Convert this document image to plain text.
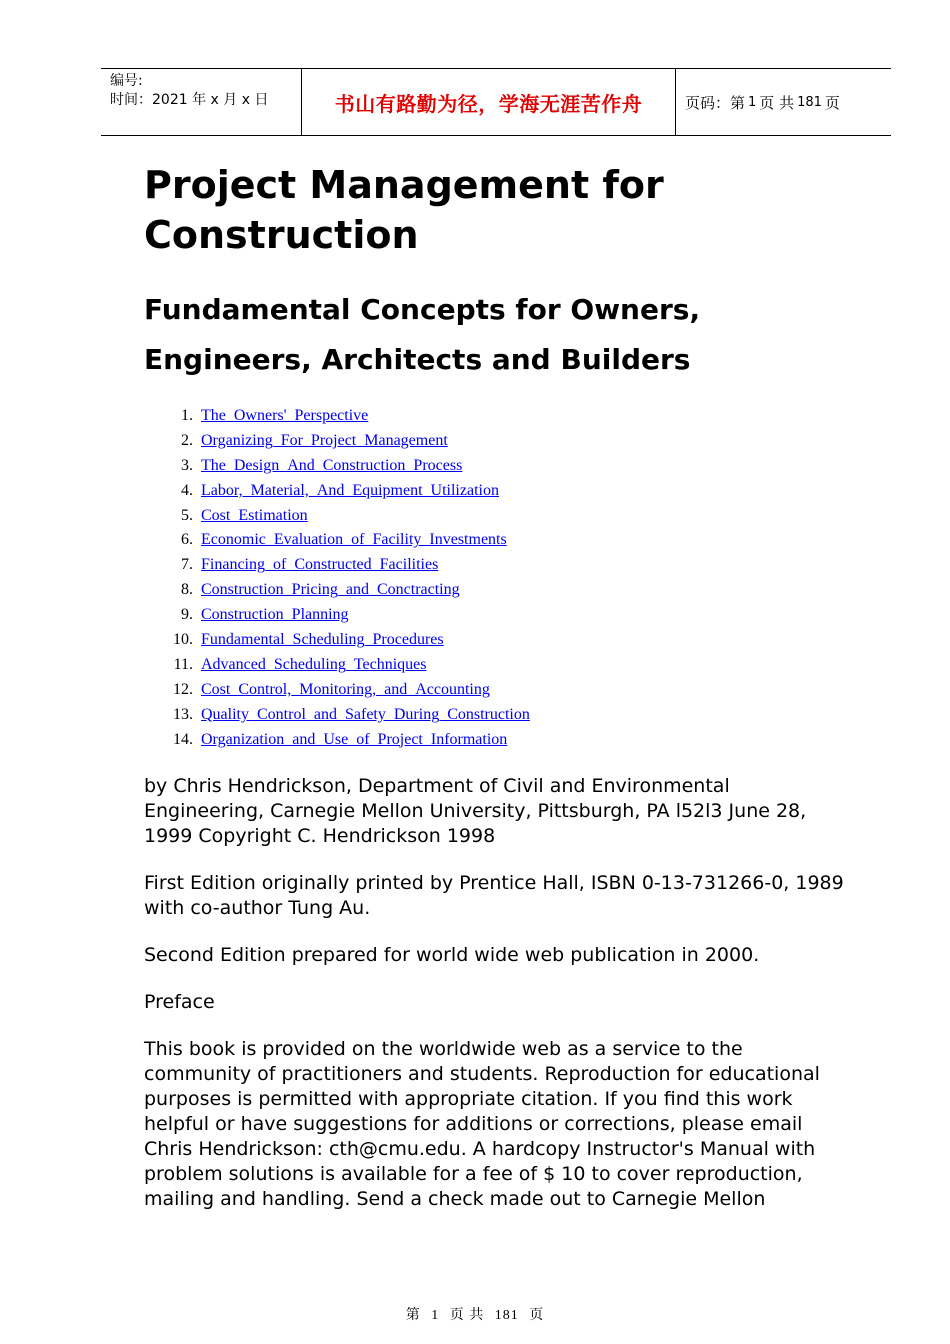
编号:
时间：2021 年 x 月 x 日	书山有路勤为径，学海无涯苦作舟	页码：第 1 页 共 181 页
Project Management for Construction
Fundamental Concepts for Owners, Engineers, Architects and Builders
1. The_Owners'_Perspective
2. Organizing_For_Project_Management
3. The_Design_And_Construction_Process
4. Labor,_Material,_And_Equipment_Utilization
5. Cost_Estimation
6. Economic_Evaluation_of_Facility_Investments
7. Financing_of_Constructed_Facilities
8. Construction_Pricing_and_Conctracting
9. Construction_Planning
10. Fundamental_Scheduling_Procedures
11. Advanced_Scheduling_Techniques
12. Cost_Control,_Monitoring,_and_Accounting
13. Quality_Control_and_Safety_During_Construction
14. Organization_and_Use_of_Project_Information

by Chris Hendrickson, Department of Civil and Environmental Engineering, Carnegie Mellon University, Pittsburgh, PA l52l3 June 28, 1999 Copyright C. Hendrickson 1998

First Edition originally printed by Prentice Hall, ISBN 0-13-731266-0, 1989 with co-author Tung Au.

Second Edition prepared for world wide web publication in 2000.

Preface

This book is provided on the worldwide web as a service to the community of practitioners and students. Reproduction for educational purposes is permitted with appropriate citation. If you find this work helpful or have suggestions for additions or corrections, please email Chris Hendrickson: cth@cmu.edu. A hardcopy Instructor's Manual with problem solutions is available for a fee of $ 10 to cover reproduction, mailing and handling. Send a check made out to Carnegie Mellon

第 1 页 共 181 页
